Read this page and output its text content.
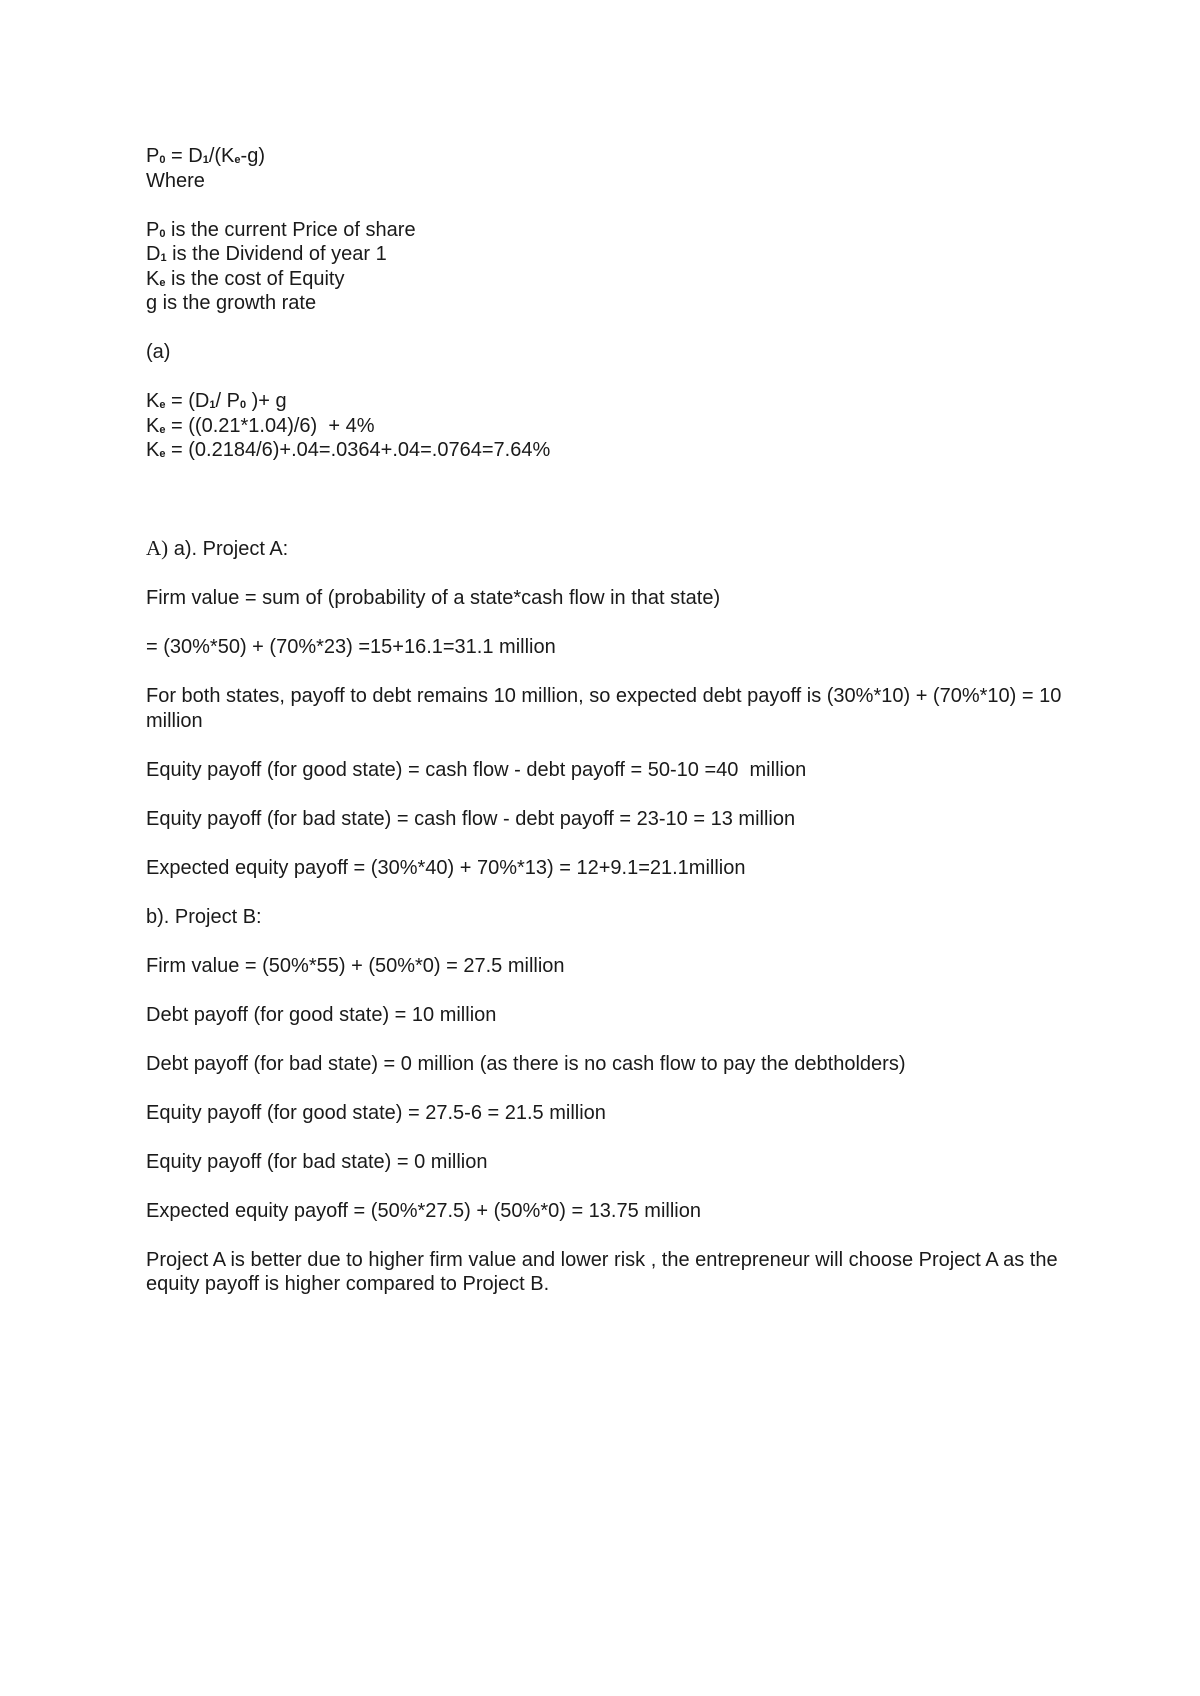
$P_0 = D_1/(K_e-g)$
Where
$P_0$ is the current Price of share
$D_1$ is the Dividend of year 1
$K_e$ is the cost of Equity
g is the growth rate
(a)
$K_e = (D_1/$ $P_0$ )+ g
$K_e = ((0.21*1.04)/6) + 4\%$
$K_e = (0.2184/6)+.04=.0364+.04=.0764=7.64\%$
A) a). Project A:
Firm value = sum of (probability of a state*cash flow in that state)
= (30%*50) + (70%*23) =15+16.1=31.1 million
For both states, payoff to debt remains 10 million, so expected debt payoff is (30%*10) + (70%*10) = 10 million
Equity payoff (for good state) = cash flow - debt payoff = 50-10 =40  million
Equity payoff (for bad state) = cash flow - debt payoff = 23-10 = 13 million
Expected equity payoff = (30%*40) + 70%*13) = 12+9.1=21.1million
b). Project B:
Firm value = (50%*55) + (50%*0) = 27.5 million
Debt payoff (for good state) = 10 million
Debt payoff (for bad state) = 0 million (as there is no cash flow to pay the debtholders)
Equity payoff (for good state) = 27.5-6 = 21.5 million
Equity payoff (for bad state) = 0 million
Expected equity payoff = (50%*27.5) + (50%*0) = 13.75 million
Project A is better due to higher firm value and lower risk , the entrepreneur will choose Project A as the equity payoff is higher compared to Project B.
